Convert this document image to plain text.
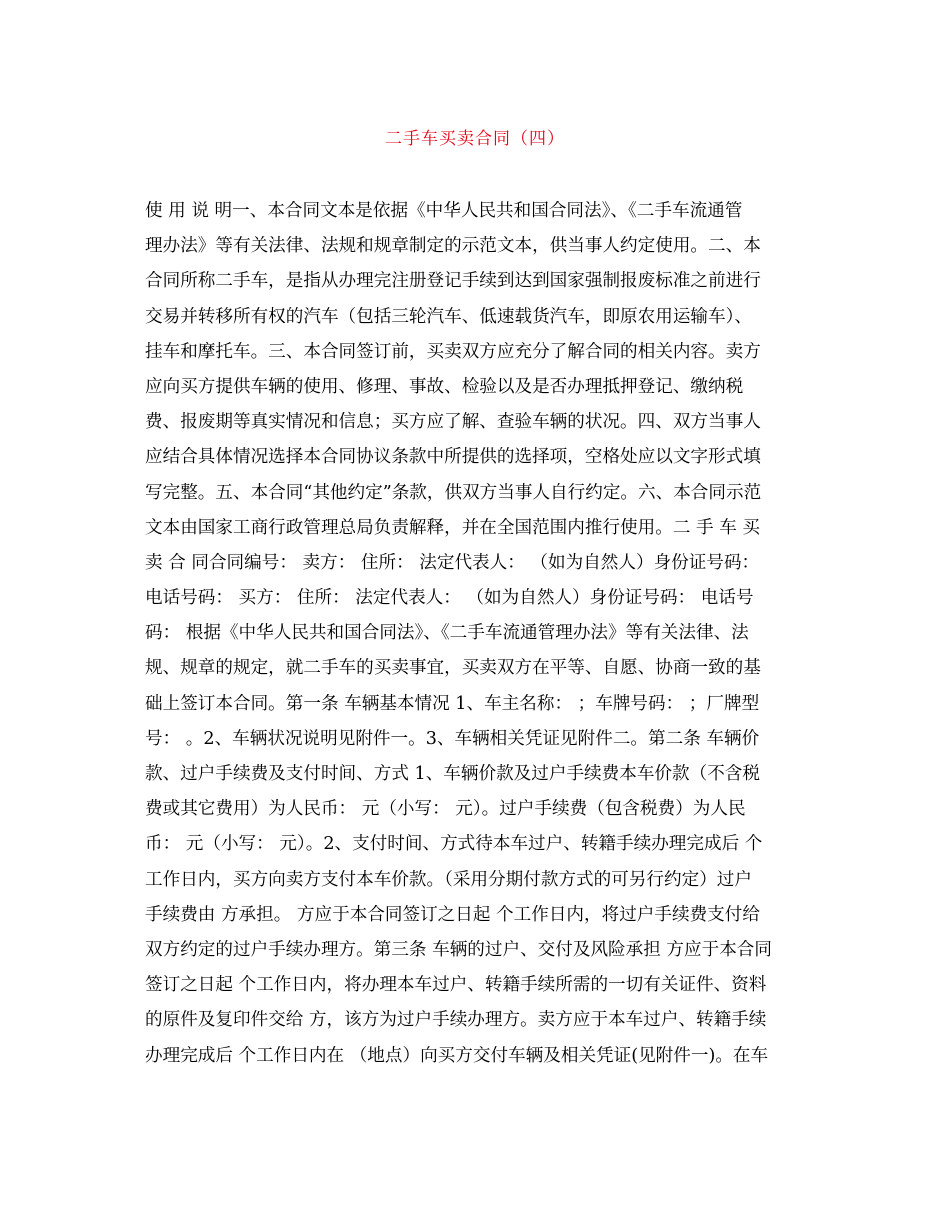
二手车买卖合同（四）
使 用 说 明一、本合同文本是依据《中华人民共和国合同法》、《二手车流通管
理办法》等有关法律、法规和规章制定的示范文本，供当事人约定使用。二、本
合同所称二手车，是指从办理完注册登记手续到达到国家强制报废标准之前进行
交易并转移所有权的汽车（包括三轮汽车、低速载货汽车，即原农用运输车）、
挂车和摩托车。三、本合同签订前，买卖双方应充分了解合同的相关内容。卖方
应向买方提供车辆的使用、修理、事故、检验以及是否办理抵押登记、缴纳税
费、报废期等真实情况和信息；买方应了解、查验车辆的状况。四、双方当事人
应结合具体情况选择本合同协议条款中所提供的选择项，空格处应以文字形式填
写完整。五、本合同“其他约定”条款，供双方当事人自行约定。六、本合同示范
文本由国家工商行政管理总局负责解释，并在全国范围内推行使用。二 手 车 买
卖 合 同合同编号： 卖方： 住所： 法定代表人： （如为自然人）身份证号码：
电话号码： 买方： 住所： 法定代表人： （如为自然人）身份证号码： 电话号
码： 根据《中华人民共和国合同法》、《二手车流通管理办法》等有关法律、法
规、规章的规定，就二手车的买卖事宜，买卖双方在平等、自愿、协商一致的基
础上签订本合同。第一条 车辆基本情况 1、车主名称： ；车牌号码： ；厂牌型
号： 。2、车辆状况说明见附件一。3、车辆相关凭证见附件二。第二条 车辆价
款、过户手续费及支付时间、方式 1、车辆价款及过户手续费本车价款（不含税
费或其它费用）为人民币： 元（小写： 元）。过户手续费（包含税费）为人民
币： 元（小写： 元）。2、支付时间、方式待本车过户、转籍手续办理完成后 个
工作日内，买方向卖方支付本车价款。（采用分期付款方式的可另行约定）过户
手续费由 方承担。 方应于本合同签订之日起 个工作日内，将过户手续费支付给
双方约定的过户手续办理方。第三条 车辆的过户、交付及风险承担 方应于本合同
签订之日起 个工作日内，将办理本车过户、转籍手续所需的一切有关证件、资料
的原件及复印件交给 方，该方为过户手续办理方。卖方应于本车过户、转籍手续
办理完成后 个工作日内在 （地点）向买方交付车辆及相关凭证(见附件一)。在车
